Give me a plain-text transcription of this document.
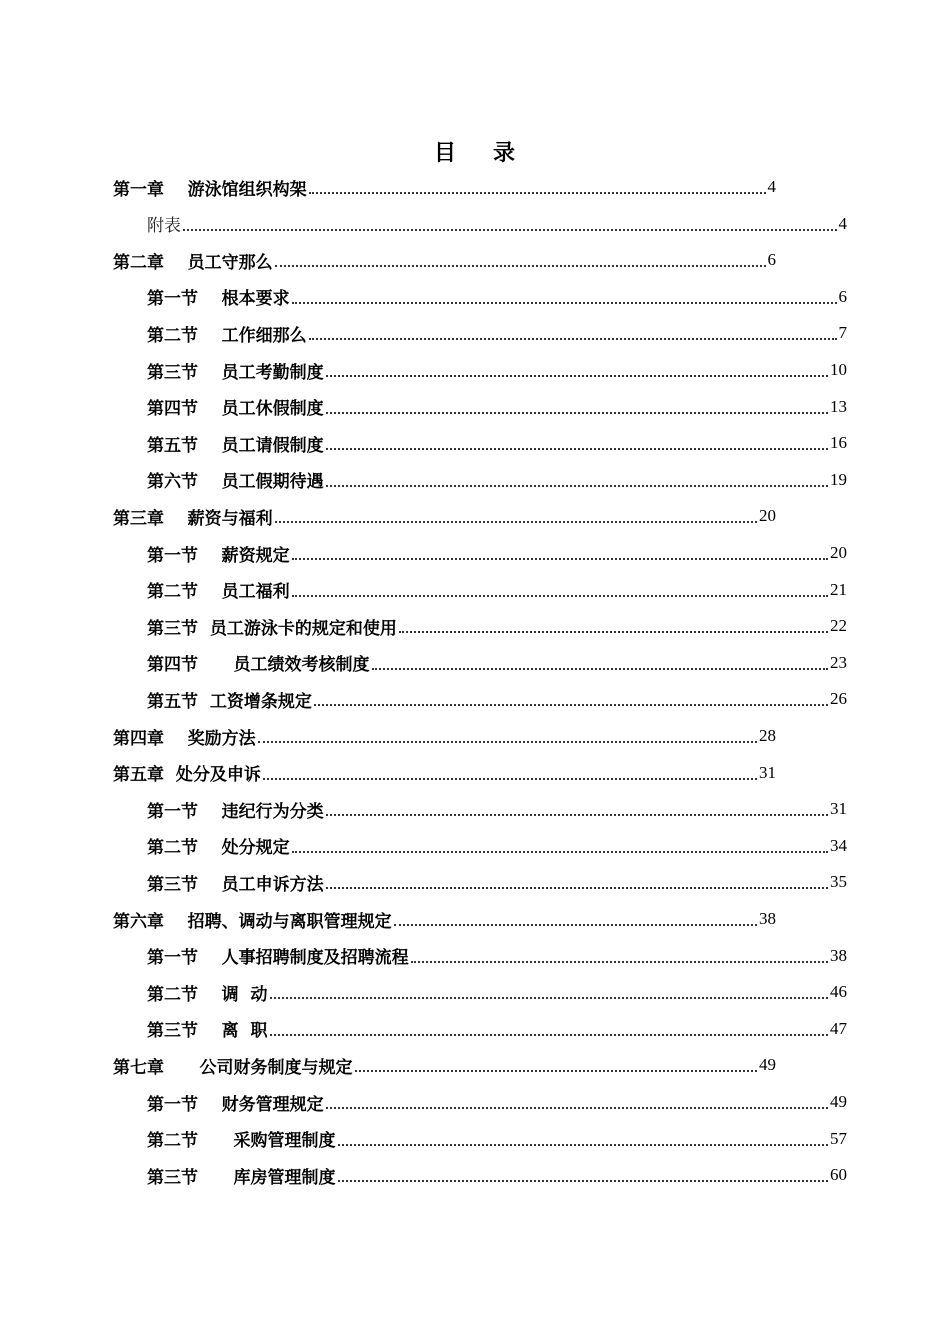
目 录
第一章    游泳馆组织构架	4
附表	4
第二章    员工守那么	6
第一节    根本要求	6
第二节    工作细那么	7
第三节    员工考勤制度	10
第四节    员工休假制度	13
第五节    员工请假制度	16
第六节    员工假期待遇	19
第三章    薪资与福利	20
第一节    薪资规定	20
第二节    员工福利	21
第三节  员工游泳卡的规定和使用	22
第四节      员工绩效考核制度	23
第五节  工资增条规定	26
第四章    奖励方法	28
第五章  处分及申诉	31
第一节    违纪行为分类	31
第二节    处分规定	34
第三节    员工申诉方法	35
第六章    招聘、调动与离职管理规定	38
第一节    人事招聘制度及招聘流程	38
第二节    调  动	46
第三节    离  职	47
第七章      公司财务制度与规定	49
第一节    财务管理规定	49
第二节      采购管理制度	57
第三节      库房管理制度	60
